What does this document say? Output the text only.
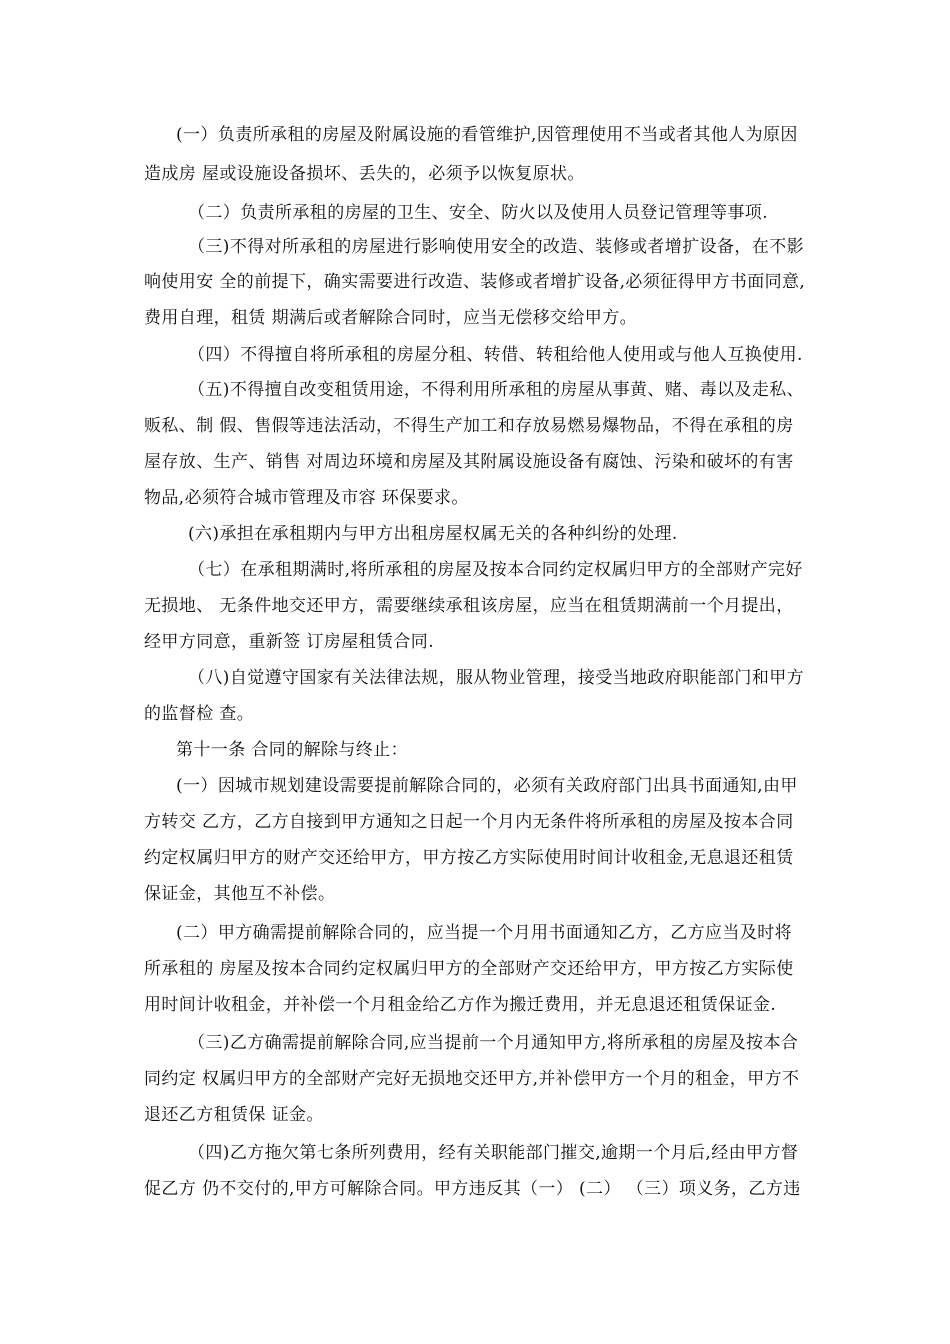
(一）负责所承租的房屋及附属设施的看管维护,因管理使用不当或者其他人为原因
造成房 屋或设施设备损坏、丢失的，必须予以恢复原状。
（二）负责所承租的房屋的卫生、安全、防火以及使用人员登记管理等事项.
（三)不得对所承租的房屋进行影响使用安全的改造、装修或者增扩设备，在不影
响使用安 全的前提下，确实需要进行改造、装修或者增扩设备,必须征得甲方书面同意,
费用自理，租赁 期满后或者解除合同时，应当无偿移交给甲方。
（四）不得擅自将所承租的房屋分租、转借、转租给他人使用或与他人互换使用.
（五)不得擅自改变租赁用途，不得利用所承租的房屋从事黄、赌、毒以及走私、
贩私、制 假、售假等违法活动，不得生产加工和存放易燃易爆物品，不得在承租的房
屋存放、生产、销售 对周边环境和房屋及其附属设施设备有腐蚀、污染和破坏的有害
物品,必须符合城市管理及市容 环保要求。
(六)承担在承租期内与甲方出租房屋权属无关的各种纠纷的处理.
（七）在承租期满时,将所承租的房屋及按本合同约定权属归甲方的全部财产完好
无损地、 无条件地交还甲方，需要继续承租该房屋，应当在租赁期满前一个月提出，
经甲方同意，重新签 订房屋租赁合同.
（八)自觉遵守国家有关法律法规，服从物业管理，接受当地政府职能部门和甲方
的监督检 查。
第十一条 合同的解除与终止：
(一）因城市规划建设需要提前解除合同的，必须有关政府部门出具书面通知,由甲
方转交 乙方，乙方自接到甲方通知之日起一个月内无条件将所承租的房屋及按本合同
约定权属归甲方的财产交还给甲方，甲方按乙方实际使用时间计收租金,无息退还租赁
保证金，其他互不补偿。
(二）甲方确需提前解除合同的，应当提一个月用书面通知乙方，乙方应当及时将
所承租的 房屋及按本合同约定权属归甲方的全部财产交还给甲方，甲方按乙方实际使
用时间计收租金，并补偿一个月租金给乙方作为搬迁费用，并无息退还租赁保证金.
（三)乙方确需提前解除合同,应当提前一个月通知甲方,将所承租的房屋及按本合
同约定 权属归甲方的全部财产完好无损地交还甲方,并补偿甲方一个月的租金，甲方不
退还乙方租赁保 证金。
（四)乙方拖欠第七条所列费用，经有关职能部门摧交,逾期一个月后,经由甲方督
促乙方 仍不交付的,甲方可解除合同。甲方违反其（一） (二） （三）项义务，乙方违
